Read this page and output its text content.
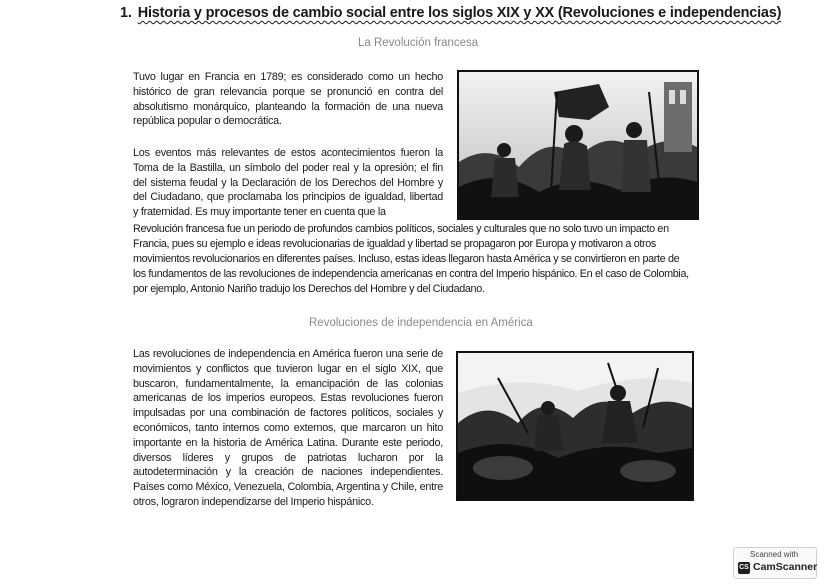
1. Historia y procesos de cambio social entre los siglos XIX y XX (Revoluciones e independencias)
La Revolución francesa
Tuvo lugar en Francia en 1789; es considerado como un hecho histórico de gran relevancia porque se pronunció en contra del absolutismo monárquico, planteando la formación de una nueva república popular o democrática.
Los eventos más relevantes de estos acontecimientos fueron la Toma de la Bastilla, un símbolo del poder real y la opresión; el fin del sistema feudal y la Declaración de los Derechos del Hombre y del Ciudadano, que proclamaba los principios de igualdad, libertad y fraternidad. Es muy importante tener en cuenta que la
Revolución francesa fue un periodo de profundos cambios políticos, sociales y culturales que no solo tuvo un impacto en
Francia, pues su ejemplo e ideas revolucionarias de igualdad y libertad se propagaron por Europa y motivaron a otros
movimientos revolucionarios en diferentes países. Incluso, estas ideas llegaron hasta América y se convirtieron en parte de
los fundamentos de las revoluciones de independencia americanas en contra del Imperio hispánico. En el caso de Colombia,
por ejemplo, Antonio Nariño tradujo los Derechos del Hombre y del Ciudadano.
Revoluciones de independencia en América
Las revoluciones de independencia en América fueron una serie de movimientos y conflictos que tuvieron lugar en el siglo XIX, que buscaron, fundamentalmente, la emancipación de las colonias americanas de los imperios europeos. Estas revoluciones fueron impulsadas por una combinación de factores políticos, sociales y económicos, tanto internos como externos, que marcaron un hito importante en la historia de América Latina. Durante este periodo, diversos líderes y grupos de patriotas lucharon por la autodeterminación y la creación de naciones independientes. Países como México, Venezuela, Colombia, Argentina y Chile, entre otros, lograron independizarse del Imperio hispánico.
Scanned with
CS CamScanner
